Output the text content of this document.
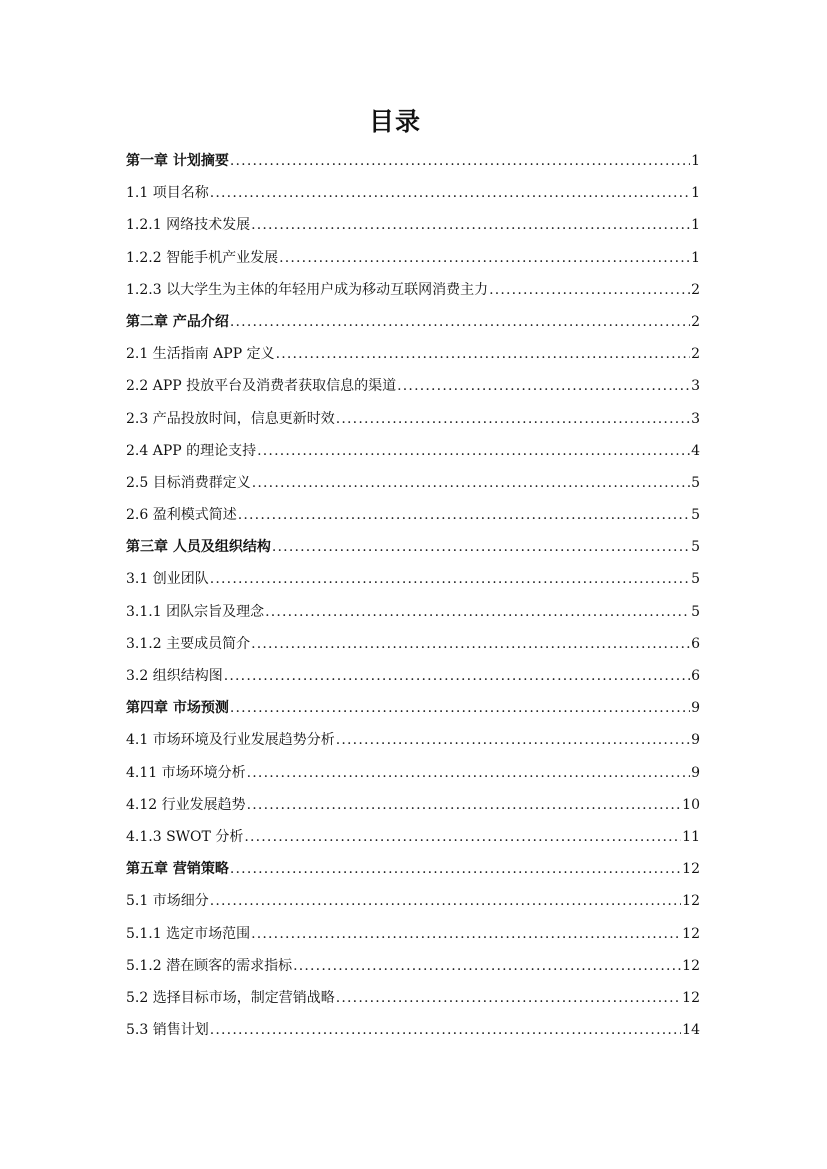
目录
第一章 计划摘要 .....	1
1.1 项目名称 .....	1
1.2.1 网络技术发展 .....	1
1.2.2 智能手机产业发展 .....	1
1.2.3 以大学生为主体的年轻用户成为移动互联网消费主力 .....	2
第二章 产品介绍 .....	2
2.1 生活指南 APP 定义 .....	2
2.2 APP 投放平台及消费者获取信息的渠道 .....	3
2.3 产品投放时间，信息更新时效 .....	3
2.4 APP 的理论支持 .....	4
2.5 目标消费群定义 .....	5
2.6 盈利模式简述 .....	5
第三章 人员及组织结构 .....	5
3.1 创业团队 .....	5
3.1.1 团队宗旨及理念 .....	5
3.1.2 主要成员简介 .....	6
3.2 组织结构图 .....	6
第四章 市场预测 .....	9
4.1 市场环境及行业发展趋势分析 .....	9
4.11 市场环境分析 .....	9
4.12 行业发展趋势 .....	10
4.1.3 SWOT 分析 .....	11
第五章 营销策略 .....	12
5.1 市场细分 .....	12
5.1.1 选定市场范围 .....	12
5.1.2 潜在顾客的需求指标 .....	12
5.2 选择目标市场，制定营销战略 .....	12
5.3 销售计划 .....	14
